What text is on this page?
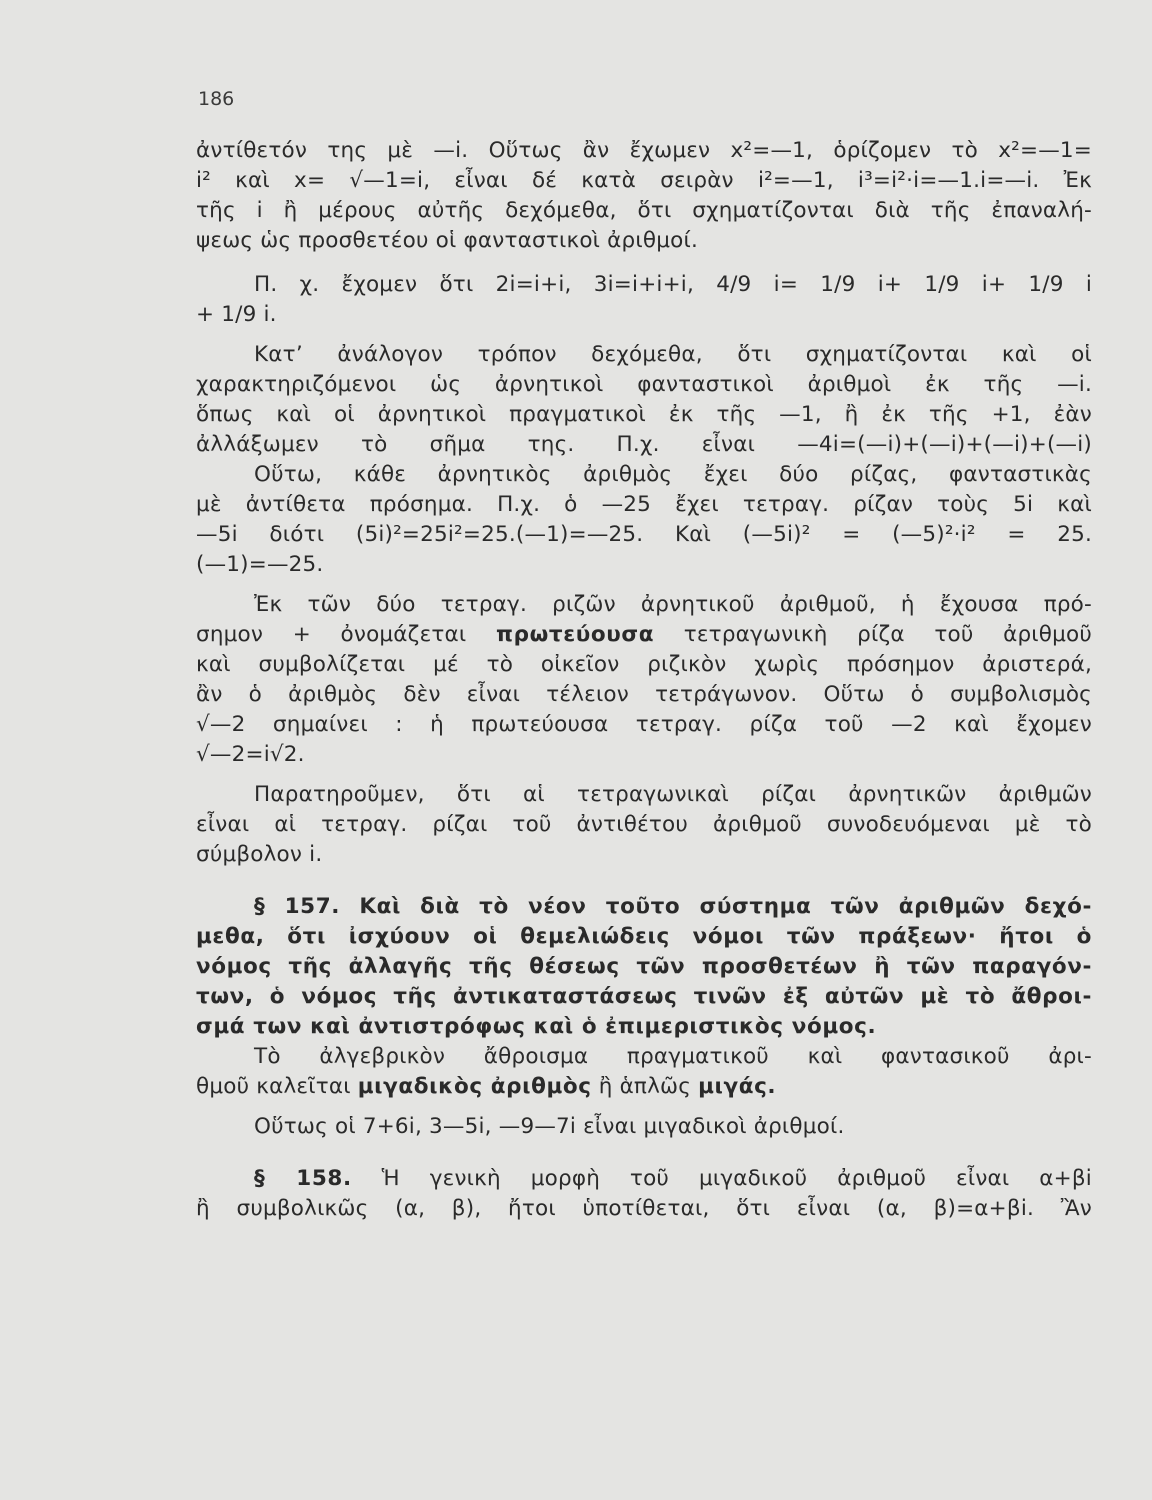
186
ἀντίθετόν της μὲ —i. Οὕτως ἂν ἔχωμεν x²=—1, ὁρίζομεν τὸ x²=—1=
i² καὶ x= √—1=i, εἶναι δέ κατὰ σειρὰν i²=—1, i³=i²·i=—1.i=—i. Ἐκ
τῆς i ἢ μέρους αὐτῆς δεχόμεθα, ὅτι σχηματίζονται διὰ τῆς ἐπαναλή-
ψεως ὡς προσθετέου οἱ φανταστικοὶ ἀριθμοί.
Π. χ. ἔχομεν ὅτι 2i=i+i, 3i=i+i+i, 4/9 i= 1/9 i+ 1/9 i+ 1/9 i
+ 1/9 i.
Κατ’ ἀνάλογον τρόπον δεχόμεθα, ὅτι σχηματίζονται καὶ οἱ
χαρακτηριζόμενοι ὡς ἀρνητικοὶ φανταστικοὶ ἀριθμοὶ ἐκ τῆς —i.
ὅπως καὶ οἱ ἀρνητικοὶ πραγματικοὶ ἐκ τῆς —1, ἢ ἐκ τῆς +1, ἐὰν
ἀλλάξωμεν τὸ σῆμα της. Π.χ. εἶναι —4i=(—i)+(—i)+(—i)+(—i)
Οὕτω, κάθε ἀρνητικὸς ἀριθμὸς ἔχει δύο ρίζας, φανταστικὰς
μὲ ἀντίθετα πρόσημα. Π.χ. ὁ —25 ἔχει τετραγ. ρίζαν τοὺς 5i καὶ
—5i διότι (5i)²=25i²=25.(—1)=—25. Καὶ (—5i)² = (—5)²·i² = 25.
(—1)=—25.
Ἐκ τῶν δύο τετραγ. ριζῶν ἀρνητικοῦ ἀριθμοῦ, ἡ ἔχουσα πρό-
σημον + ὀνομάζεται πρωτεύουσα τετραγωνικὴ ρίζα τοῦ ἀριθμοῦ
καὶ συμβολίζεται μέ τὸ οἰκεῖον ριζικὸν χωρὶς πρόσημον ἀριστερά,
ἂν ὁ ἀριθμὸς δὲν εἶναι τέλειον τετράγωνον. Οὕτω ὁ συμβολισμὸς
√—2 σημαίνει : ἡ πρωτεύουσα τετραγ. ρίζα τοῦ —2 καὶ ἔχομεν
√—2=i√2.
Παρατηροῦμεν, ὅτι αἱ τετραγωνικαὶ ρίζαι ἀρνητικῶν ἀριθμῶν
εἶναι αἱ τετραγ. ρίζαι τοῦ ἀντιθέτου ἀριθμοῦ συνοδευόμεναι μὲ τὸ
σύμβολον i.
§ 157. Καὶ διὰ τὸ νέον τοῦτο σύστημα τῶν ἀριθμῶν δεχό-
μεθα, ὅτι ἰσχύουν οἱ θεμελιώδεις νόμοι τῶν πράξεων· ἤτοι ὁ
νόμος τῆς ἀλλαγῆς τῆς θέσεως τῶν προσθετέων ἢ τῶν παραγόν-
των, ὁ νόμος τῆς ἀντικαταστάσεως τινῶν ἐξ αὐτῶν μὲ τὸ ἄθροι-
σμά των καὶ ἀντιστρόφως καὶ ὁ ἐπιμεριστικὸς νόμος.
Τὸ ἀλγεβρικὸν ἄθροισμα πραγματικοῦ καὶ φαντασικοῦ ἀρι-
θμοῦ καλεῖται μιγαδικὸς ἀριθμὸς ἢ ἁπλῶς μιγάς.
Οὕτως οἱ 7+6i, 3—5i, —9—7i εἶναι μιγαδικοὶ ἀριθμοί.
§ 158. Ἡ γενικὴ μορφὴ τοῦ μιγαδικοῦ ἀριθμοῦ εἶναι α+βi
ἢ συμβολικῶς (α, β), ἤτοι ὑποτίθεται, ὅτι εἶναι (α, β)=α+βi. Ἂν
